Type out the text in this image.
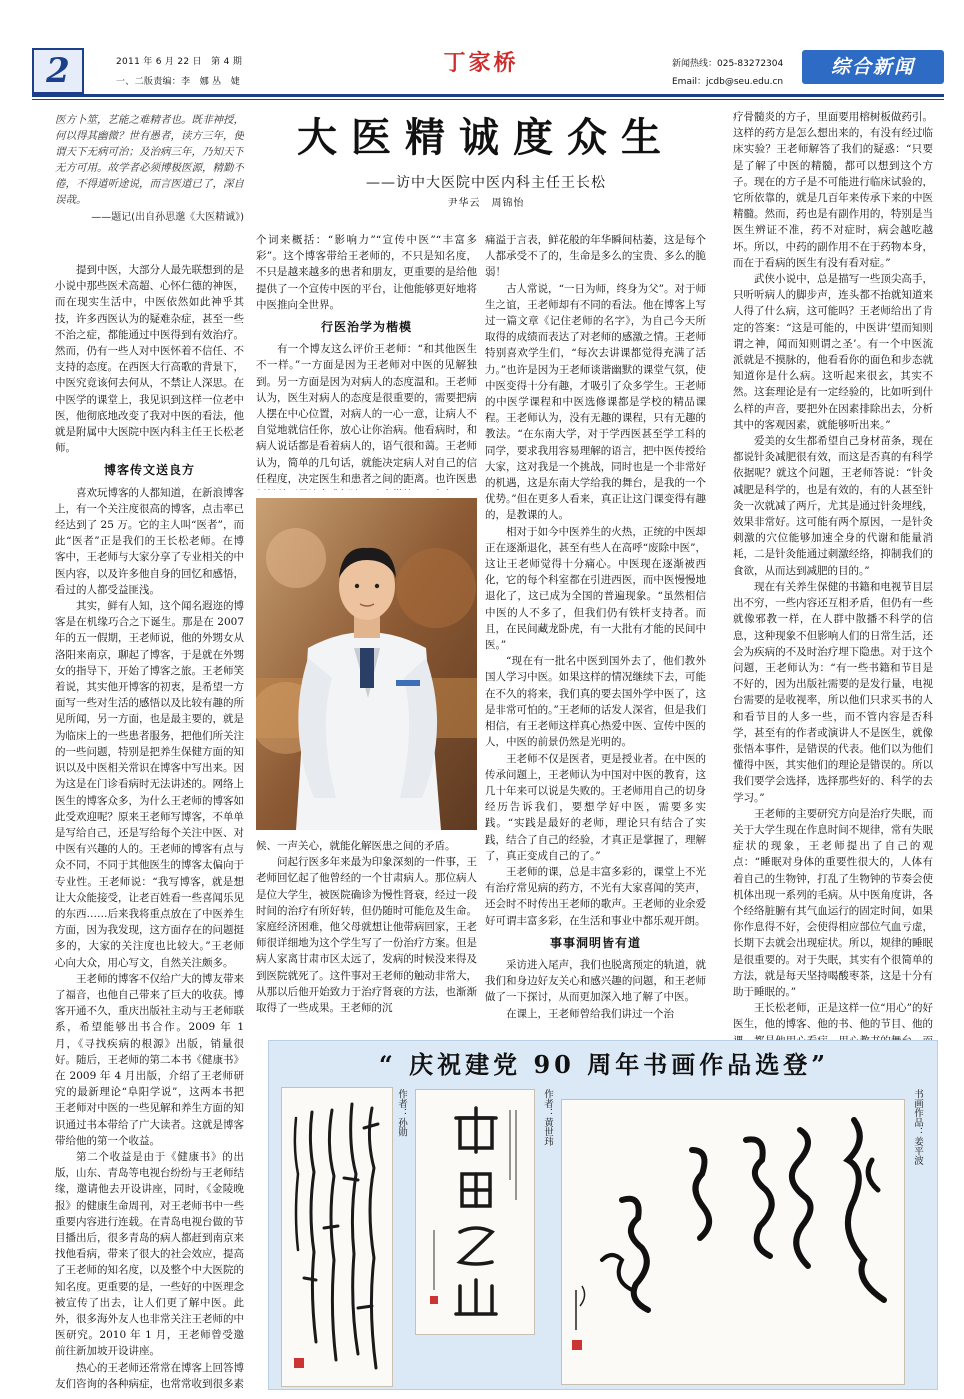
2	2011 年 6 月 22 日　第 4 期
一、二版责编：李　娜 丛　婕
丁家桥	新闻热线：025-83272304
Email：jcdb@seu.edu.cn
综合新闻
医方卜筮，艺能之难精者也。既非神授，何以得其幽微？世有愚者，读方三年，便谓天下无病可治；及治病三年，乃知天下无方可用。故学者必须博极医源，精勤不倦，不得道听途说，而言医道已了，深自误哉。
——题记(出自孙思邈《大医精诚》)
大医精诚度众生
——访中大医院中医内科主任王长松
尹华云　周锦怡

提到中医，大部分人最先联想到的是小说中那些医术高超、心怀仁德的神医，而在现实生活中，中医依然如此神乎其技，许多西医认为的疑难杂症，甚至一些不治之症，都能通过中医得到有效治疗。然而，仍有一些人对中医怀着不信任、不支持的态度。在西医大行高歌的背景下，中医究竟该何去何从，不禁让人深思。在中医学的课堂上，我见识到这样一位老中医，他彻底地改变了我对中医的看法，他就是附属中大医院中医内科主任王长松老师。

博客传文送良方

喜欢玩博客的人都知道，在新浪博客上，有一个关注度很高的博客，点击率已经达到了 25 万。它的主人叫“医者”，而此“医者”正是我们的王长松老师。在博客中，王老师与大家分享了专业相关的中医内容，以及许多他自身的回忆和感悟，看过的人都受益匪浅。

其实，鲜有人知，这个闻名遐迩的博客是在机缘巧合之下诞生。那是在 2007 年的五一假期，王老师说，他的外甥女从洛阳来南京，聊起了博客，于是就在外甥女的指导下，开始了博客之旅。王老师笑着说，其实他开博客的初衷，是希望一方面写一些对生活的感悟以及比较有趣的所见所闻，另一方面，也是最主要的，就是为临床上的一些患者服务，把他们所关注的一些问题，特别是把养生保健方面的知识以及中医相关常识在博客中写出来。因为这是在门诊看病时无法讲述的。网络上医生的博客众多，为什么王老师的博客如此受欢迎呢？原来王老师写博客，不单单是写给自己，还是写给每个关注中医、对中医有兴趣的人的。王老师的博客有点与众不同，不同于其他医生的博客太偏向于专业性。王老师说：“我写博客，就是想让大众能接受，让老百姓看一些喜闻乐见的东西……后来我将重点放在了中医养生方面，因为我发现，这方面存在的问题挺多的，大家的关注度也比较大。”王老师心向大众，用心写文，自然关注颇多。

王老师的博客不仅给广大的博友带来了福音，也他自己带来了巨大的收获。博客开通不久，重庆出版社主动与王老师联系，希望能够出书合作。2009 年 1 月，《寻找疾病的根源》出版，销量很好。随后，王老师的第二本书《健康书》在 2009 年 4 月出版，介绍了王老师研究的最新理论“阜阳学说”，这两本书把王老师对中医的一些见解和养生方面的知识通过书本带给了广大读者。这就是博客带给他的第一个收益。

第二个收益是由于《健康书》的出版，山东、青岛等电视台纷纷与王老师结缘，邀请他去开设讲座，同时，《金陵晚报》的健康生命周刊，对王老师书中一些重要内容进行连载。在青岛电视台做的节目播出后，很多青岛的病人都赶到南京来找他看病，带来了很大的社会效应，提高了王老师的知名度，以及整个中大医院的知名度。更重要的是，一些好的中医理念被宣传了出去，让人们更了解中医。此外，很多海外友人也非常关注王老师的中医研究。2010 年 1 月，王老师曾受邀前往新加坡开设讲座。

热心的王老师还常常在博客上回答博友们咨询的各种病症，也常常收到很多素

个词来概括：“影响力”“宣传中医”“丰富多彩”。这个博客带给王老师的，不只是知名度，不只是越来越多的患者和朋友，更重要的是给他提供了一个宣传中医的平台，让他能够更好地将中医推向全世界。

行医治学为楷模

有一个博友这么评价王老师：“和其他医生不一样。”一方面是因为王老师对中医的见解独到。另一方面是因为对病人的态度温和。王老师认为，医生对病人的态度是很重要的，需要把病人摆在中心位置，对病人的一心一意，让病人不自觉地就信任你，放心让你治病。他看病时，和病人说话都是看着病人的，语气很和蔼。王老师认为，简单的几句话，就能决定病人对自己的信任程度，决定医生和患者之间的距离。也许医患

候、一声关心，就能化解医患之间的矛盾。

问起行医多年来最为印象深刻的一件事，王老师回忆起了他曾经的一个甘肃病人。那位病人是位大学生，被医院确诊为慢性肾衰，经过一段时间的治疗有所好转，但仍随时可能危及生命。家庭经济困难，他父母就想让他带病回家，王老师很详细地为这个学生写了一份治疗方案。但是病人家离甘肃市区太远了，发病的时候没来得及到医院就死了。这件事对王老师的触动非常大，从那以后他开始致力于治疗肾衰的方法，也渐渐取得了一些成果。王老师的沉

痛溢于言表，鲜花般的年华瞬间枯萎，这是每个人都承受不了的，生命是多么的宝贵、多么的脆弱！

古人常说，“一日为师，终身为父”。对于师生之谊，王老师却有不同的看法。他在博客上写过一篇文章《记住老师的名字》，为自己今天所取得的成绩而表达了对老师的感激之情。王老师特别喜欢学生们，“每次去讲课都觉得充满了活力。”也许是因为王老师谈谐幽默的课堂气氛，使中医变得十分有趣，才吸引了众多学生。王老师的中医学课程和中医选修课都是学校的精品课程。王老师认为，没有无趣的课程，只有无趣的教法。“在东南大学，对于学西医甚至学工科的同学，要求我用容易理解的语言，把中医传授给大家，这对我是一个挑战，同时也是一个非常好的机遇，这是东南大学给我的舞台，是我的一个优势。”但在更多人看来，真正让这门课变得有趣的，是教课的人。

相对于如今中医养生的火热，正统的中医却正在逐渐退化，甚至有些人在高呼“废除中医”，这让王老师觉得十分痛心。中医现在逐渐被西化，它的每个科室都在引进西医，而中医慢慢地退化了，这已成为全国的普遍现象。“虽然相信中医的人不多了，但我们仍有铁杆支持者。而且，在民间藏龙卧虎，有一大批有才能的民间中医。”

“现在有一批名中医到国外去了，他们教外国人学习中医。如果这样的情况继续下去，可能在不久的将来，我们真的要去国外学中医了，这是非常可怕的。”王老师的话发人深省，但是我们相信，有王老师这样真心热爱中医、宣传中医的人，中医的前景仍然是光明的。

王老师不仅是医者，更是授业者。在中医的传承问题上，王老师认为中国对中医的教育，这几十年来可以说是失败的。王老师用自己的切身经历告诉我们，要想学好中医，需要多实践。“实践是最好的老师，理论只有结合了实践，结合了自己的经验，才真正是掌握了，理解了，真正变成自己的了。”

王老师的课，总是丰富多彩的，课堂上不光有治疗常见病的药方，不光有大家喜闻的笑声，还会时不时传出王老师的歌声。王老师的业余爱好可谓丰富多彩，在生活和事业中都乐观开朗。

事事洞明皆有道

采访进入尾声，我们也脱离预定的轨道，就我们和身边好友关心和感兴趣的问题，和王老师做了一下探讨，从而更加深入地了解了中医。

在课上，王老师曾给我们讲过一个治

疗骨髓炎的方子，里面要用榕树板做药引。这样的药方是怎么想出来的，有没有经过临床实验？王老师解答了我们的疑惑：“只要是了解了中医的精髓，都可以想到这个方子。现在的方子是不可能进行临床试验的，它所依靠的，就是几百年来传承下来的中医精髓。然而，药也是有副作用的，特别是当医生辨证不准，药不对症时，病会越吃越坏。所以，中药的副作用不在于药物本身，而在于看病的医生有没有看对症。”

武侠小说中，总是描写一些顶尖高手，只听听病人的脚步声，连头都不抬就知道来人得了什么病，这可能吗？王老师给出了肯定的答案：“这是可能的，中医讲‘望而知则谓之神，闻而知则谓之圣’。有一个中医流派就是不摸脉的，他看看你的面色和步态就知道你是什么病。这听起来很玄，其实不然。这套理论是有一定经验的，比如听到什么样的声音，要把外在因素排除出去，分析其中的客观因素，就能够听出来。”

爱美的女生都希望自己身材苗条，现在都说针灸减肥很有效，而这是否真的有科学依据呢？就这个问题，王老师答说：“针灸减肥是科学的，也是有效的，有的人甚至针灸一次就减了两斤，尤其是通过针灸埋线，效果非常好。这可能有两个原因，一是针灸刺激的穴位能够加速全身的代谢和能量消耗，二是针灸能通过刺激经络，抑制我们的食欲，从而达到减肥的目的。”

现在有关养生保健的书籍和电视节目层出不穷，一些内容还互相矛盾，但仍有一些就像邪教一样，在人群中散播不科学的信息，这种现象不但影响人们的日常生活，还会为疾病的不及时治疗埋下隐患。对于这个问题，王老师认为：“有一些书籍和节目是不好的，因为出版社需要的是发行量，电视台需要的是收视率，所以他们只求买书的人和看节目的人多一些，而不管内容是否科学，甚至有的作者或演讲人不是医生，就像张悟本事件，是错误的代表。他们以为他们懂得中医，其实他们的理论是错误的。所以我们要学会选择，选择那些好的、科学的去学习。”

王老师的主要研究方向是治疗失眠，而关于大学生现在作息时间不规律，常有失眠症状的现象，王老师提出了自己的观点：“睡眠对身体的重要性很大的，人体有着自己的生物钟，打乱了生物钟的节奏会使机体出现一系列的毛病。从中医角度讲，各个经络脏腑有其气血运行的固定时间，如果你作息得不好，会使得相应部位气血亏虚，长期下去就会出现症状。所以，规律的睡眠是很重要的。对于失眠，其实有个很简单的方法，就是每天坚持喝酸枣茶，这是十分有助于睡眠的。”

王长松老师，正是这样一位“用心”的好医生，他的博客、他的书、他的节目、他的

“ 庆祝建党 90 周年书画作品选登”
作者：孙勋	作者：黄世玮	书画作品：姜平波
